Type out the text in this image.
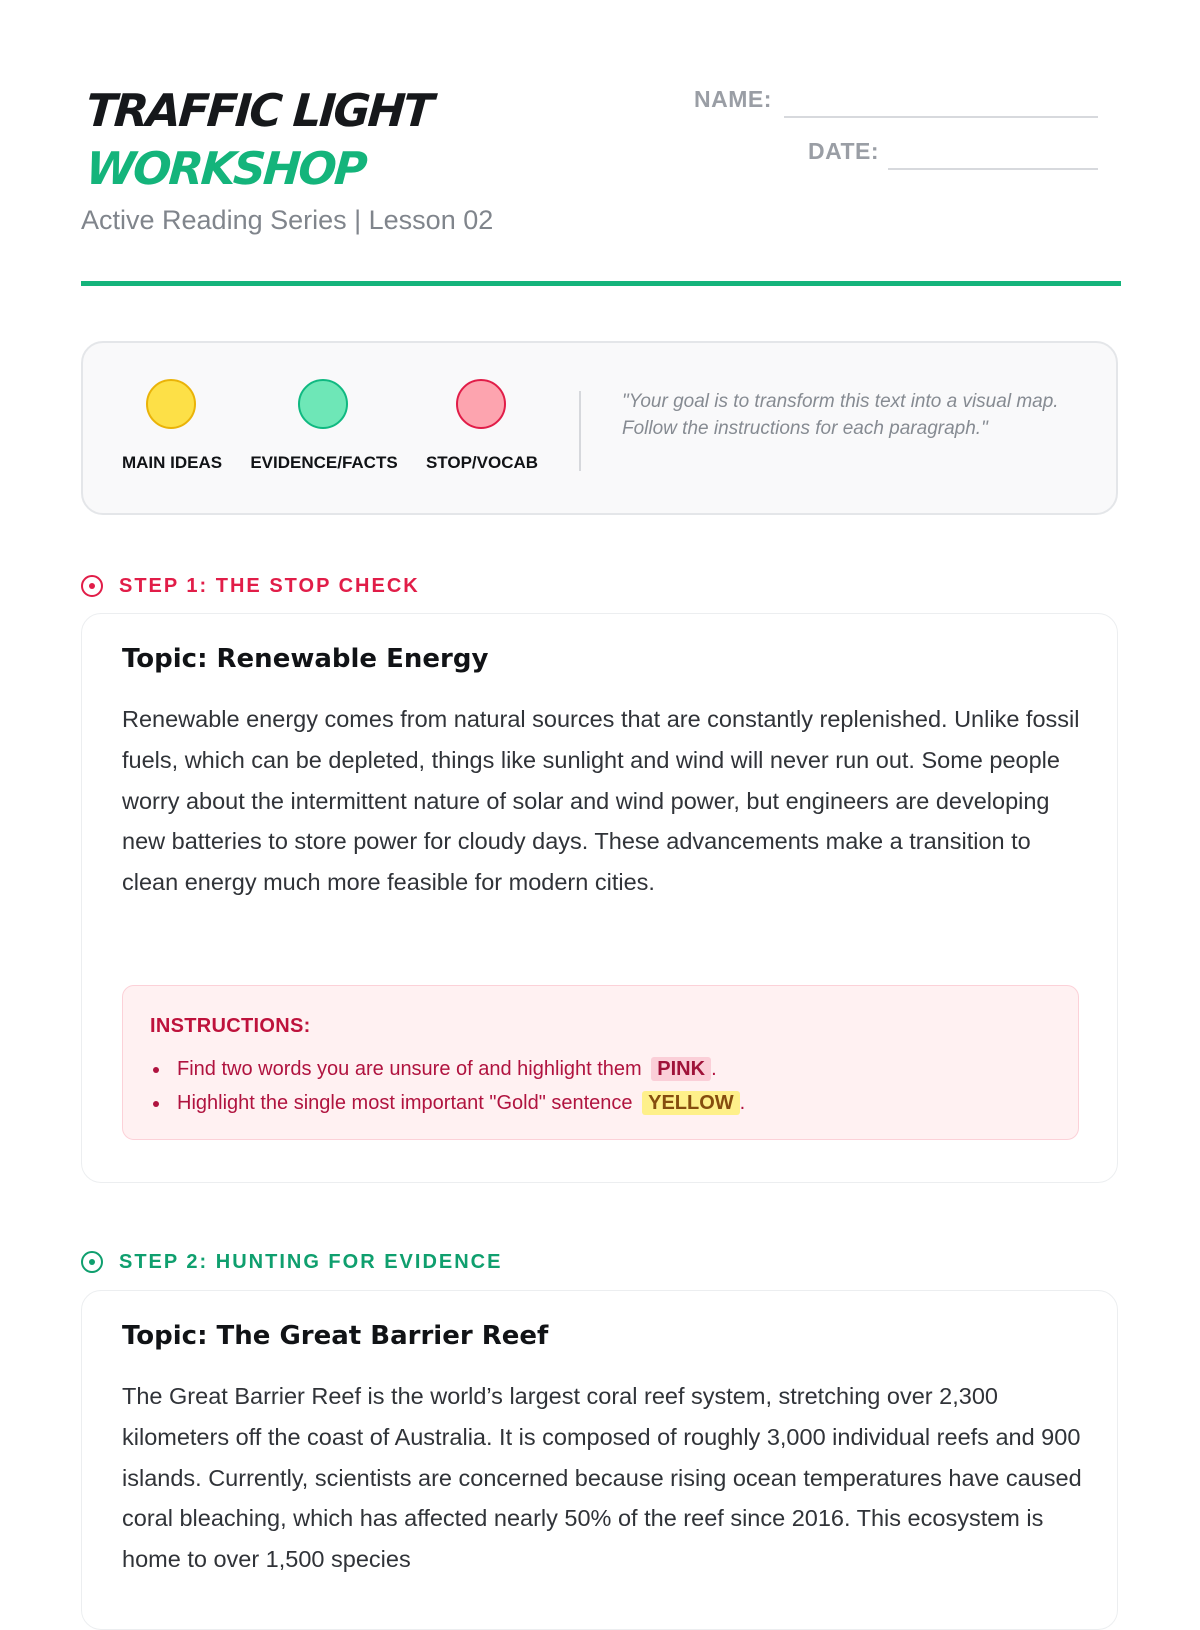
TRAFFIC LIGHT
WORKSHOP
Active Reading Series | Lesson 02
NAME:
DATE:
MAIN IDEAS EVIDENCE/FACTS STOP/VOCAB
"Your goal is to transform this text into a visual map. Follow the instructions for each paragraph."
STEP 1: THE STOP CHECK
Topic: Renewable Energy
Renewable energy comes from natural sources that are constantly replenished. Unlike fossil fuels, which can be depleted, things like sunlight and wind will never run out. Some people worry about the intermittent nature of solar and wind power, but engineers are developing new batteries to store power for cloudy days. These advancements make a transition to clean energy much more feasible for modern cities.
INSTRUCTIONS:
Find two words you are unsure of and highlight them PINK .
Highlight the single most important "Gold" sentence YELLOW .
STEP 2: HUNTING FOR EVIDENCE
Topic: The Great Barrier Reef
The Great Barrier Reef is the world’s largest coral reef system, stretching over 2,300 kilometers off the coast of Australia. It is composed of roughly 3,000 individual reefs and 900 islands. Currently, scientists are concerned because rising ocean temperatures have caused coral bleaching, which has affected nearly 50% of the reef since 2016. This ecosystem is home to over 1,500 species
